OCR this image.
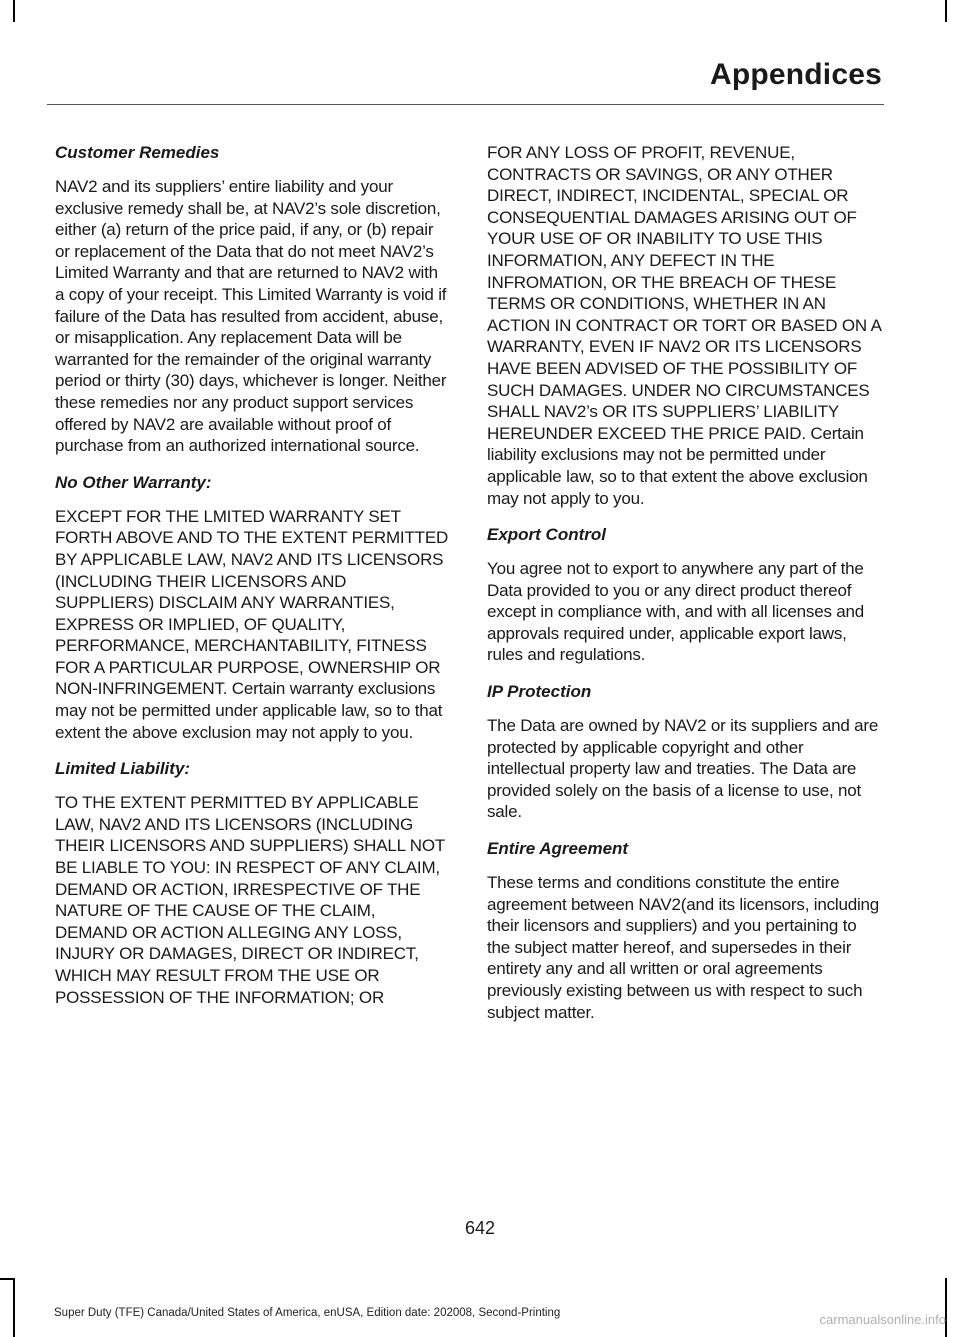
Appendices
Customer Remedies

NAV2 and its suppliers’ entire liability and your exclusive remedy shall be, at NAV2’s sole discretion, either (a) return of the price paid, if any, or (b) repair or replacement of the Data that do not meet NAV2’s Limited Warranty and that are returned to NAV2 with a copy of your receipt. This Limited Warranty is void if failure of the Data has resulted from accident, abuse, or misapplication. Any replacement Data will be warranted for the remainder of the original warranty period or thirty (30) days, whichever is longer. Neither these remedies nor any product support services offered by NAV2 are available without proof of purchase from an authorized international source.

No Other Warranty:

EXCEPT FOR THE LMITED WARRANTY SET FORTH ABOVE AND TO THE EXTENT PERMITTED BY APPLICABLE LAW, NAV2 AND ITS LICENSORS (INCLUDING THEIR LICENSORS AND SUPPLIERS) DISCLAIM ANY WARRANTIES, EXPRESS OR IMPLIED, OF QUALITY, PERFORMANCE, MERCHANTABILITY, FITNESS FOR A PARTICULAR PURPOSE, OWNERSHIP OR NON-INFRINGEMENT. Certain warranty exclusions may not be permitted under applicable law, so to that extent the above exclusion may not apply to you.

Limited Liability:

TO THE EXTENT PERMITTED BY APPLICABLE LAW, NAV2 AND ITS LICENSORS (INCLUDING THEIR LICENSORS AND SUPPLIERS) SHALL NOT BE LIABLE TO YOU: IN RESPECT OF ANY CLAIM, DEMAND OR ACTION, IRRESPECTIVE OF THE NATURE OF THE CAUSE OF THE CLAIM, DEMAND OR ACTION ALLEGING ANY LOSS, INJURY OR DAMAGES, DIRECT OR INDIRECT, WHICH MAY RESULT FROM THE USE OR POSSESSION OF THE INFORMATION; OR

FOR ANY LOSS OF PROFIT, REVENUE, CONTRACTS OR SAVINGS, OR ANY OTHER DIRECT, INDIRECT, INCIDENTAL, SPECIAL OR CONSEQUENTIAL DAMAGES ARISING OUT OF YOUR USE OF OR INABILITY TO USE THIS INFORMATION, ANY DEFECT IN THE INFROMATION, OR THE BREACH OF THESE TERMS OR CONDITIONS, WHETHER IN AN ACTION IN CONTRACT OR TORT OR BASED ON A WARRANTY, EVEN IF NAV2 OR ITS LICENSORS HAVE BEEN ADVISED OF THE POSSIBILITY OF SUCH DAMAGES. UNDER NO CIRCUMSTANCES SHALL NAV2’s OR ITS SUPPLIERS’ LIABILITY HEREUNDER EXCEED THE PRICE PAID. Certain liability exclusions may not be permitted under applicable law, so to that extent the above exclusion may not apply to you.

Export Control

You agree not to export to anywhere any part of the Data provided to you or any direct product thereof except in compliance with, and with all licenses and approvals required under, applicable export laws, rules and regulations.

IP Protection

The Data are owned by NAV2 or its suppliers and are protected by applicable copyright and other intellectual property law and treaties. The Data are provided solely on the basis of a license to use, not sale.

Entire Agreement

These terms and conditions constitute the entire agreement between NAV2(and its licensors, including their licensors and suppliers) and you pertaining to the subject matter hereof, and supersedes in their entirety any and all written or oral agreements previously existing between us with respect to such subject matter.

642
Super Duty (TFE) Canada/United States of America, enUSA, Edition date: 202008, Second-Printing	carmanualsonline.info
